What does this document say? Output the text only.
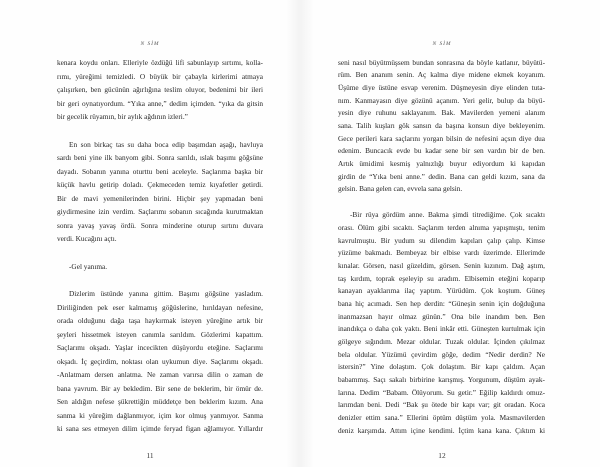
N SİM
kenara koydu onları. Elleriyle özdüğü lifi sabunlayıp sırtımı, kolla-
rımı, yüreğimi temizledi. O büyük bir çabayla kirlerimi atmaya
çalışırken, ben gücünün ağırlığına teslim oluyor, bedenimi bir ileri
bir geri oynatıyordum. “Yıka anne,” dedim içimden. “yıka da gitsin
bir gecelik rüyamın, bir aylık ağdının izleri.”
En son birkaç tas su daha boca edip başımdan aşağı, havluya
sardı beni yine ilk banyom gibi. Sonra sarıldı, ıslak başımı göğsüne
dayadı. Sobanın yanına oturttu beni aceleyle. Saçlarıma başka bir
küçük havlu getirip doladı. Çekmeceden temiz kıyafetler getirdi.
Bir de mavi yemenilerinden birini. Hiçbir şey yapmadan beni
giydirmesine izin verdim. Saçlarımı sobanın sıcağında kurutmaktan
sonra yavaş yavaş ördü. Sonra minderine oturup sırtını duvara
verdi. Kucağını açtı.
-Gel yanıma.
Dizlerim üstünde yanına gittim. Başımı göğsüne yasladım.
Diriliğinden pek eser kalmamış göğüslerine, hırıldayan nefesine,
orada olduğunu dağa taşa haykırmak isteyen yüreğine artık bir
şeyleri hissetmek isteyen canımla sarıldım. Gözlerimi kapattım.
Saçlarımı okşadı. Yaşlar incecikten düşüyordu eteğine. Saçlarımı
okşadı. İç geçirdim, noktası olan uykumun diye. Saçlarımı okşadı.
-Anlatmam dersen anlatma. Ne zaman varırsa dilin o zaman de
bana yavrum. Bir ay bekledim. Bir sene de beklerim, bir ömür de.
Sen aldığın nefese şükrettiğin müddetçe ben beklerim kızım. Ana
sanma ki yüreğim dağlanmıyor, içim kor olmuş yanmıyor. Sanma
ki sana ses etmeyen dilim içimde feryad figan ağlamıyor. Yıllardır
11
N SİM
seni nasıl büyütmüşsem bundan sonrasına da böyle katlanır, büyütü-
rüm. Ben ananım senin. Aç kalma diye midene ekmek koyanım.
Üşüme diye üstüne esvap verenim. Düşmeyesin diye elinden tuta-
nım. Kanmayasın diye gözünü açanım. Yeri gelir, bulup da büyü-
yesin diye ruhunu saklayanım. Bak. Mavilerden yemeni alanım
sana. Talih kuşları gök sansın da başına konsun diye bekleyenim.
Gece perileri kara saçlarını yorgan bilsin de nefesini açsın diye dua
edenim. Buncacık evde bu kadar sene bir sen vardın bir de ben.
Artık ümidimi kesmiş yalnızlığı buyur ediyordum ki kapıdan
girdin de “Yıka beni anne.” dedin. Bana can geldi kızım, sana da
gelsin. Bana gelen can, evvela sana gelsin.
-Bir rüya gördüm anne. Bakma şimdi titrediğime. Çok sıcaktı
orası. Ölüm gibi sıcaktı. Saçlarım terden alnıma yapışmıştı, tenim
kavrulmuştu. Bir yudum su dilendim kapıları çalıp çalıp. Kimse
yüzüme bakmadı. Bembeyaz bir elbise vardı üzerimde. Ellerimde
kınalar. Görsen, nasıl güzeldim, görsen. Senin kızınım. Dağ aştım,
taş kırdım, toprak eşeleyip su aradım. Elbisemin eteğini koparıp
kanayan ayaklarıma ilaç yaptım. Yürüdüm. Çok koştum. Güneş
bana hiç acımadı. Sen hep derdin: “Güneşin senin için doğduğuna
inanmazsan hayır olmaz günün.” Ona bile inandım ben. Ben
inandıkça o daha çok yaktı. Beni inkâr etti. Güneşten kurtulmak için
gölgeye sığındım. Mezar oldular. Tuzak oldular. İçinden çıkılmaz
bela oldular. Yüzümü çevirdim göğe, dedim “Nedir derdin? Ne
istersin?” Yine dolaştım. Çok dolaştım. Bir kapı çaldım. Açan
babammış. Saçı sakalı birbirine karışmış. Yorgunum, düştüm ayak-
larına. Dedim “Babam. Ölüyorum. Su getir.” Eğilip kaldırdı omuz-
larımdan beni. Dedi “Bak şu ötede bir kapı var; git oradan. Koca
denizler ettim sana.” Ellerini öptüm düştüm yola. Masmavilerden
deniz karşımda. Attım içine kendimi. İçtim kana kana. Çıktım ki
12
